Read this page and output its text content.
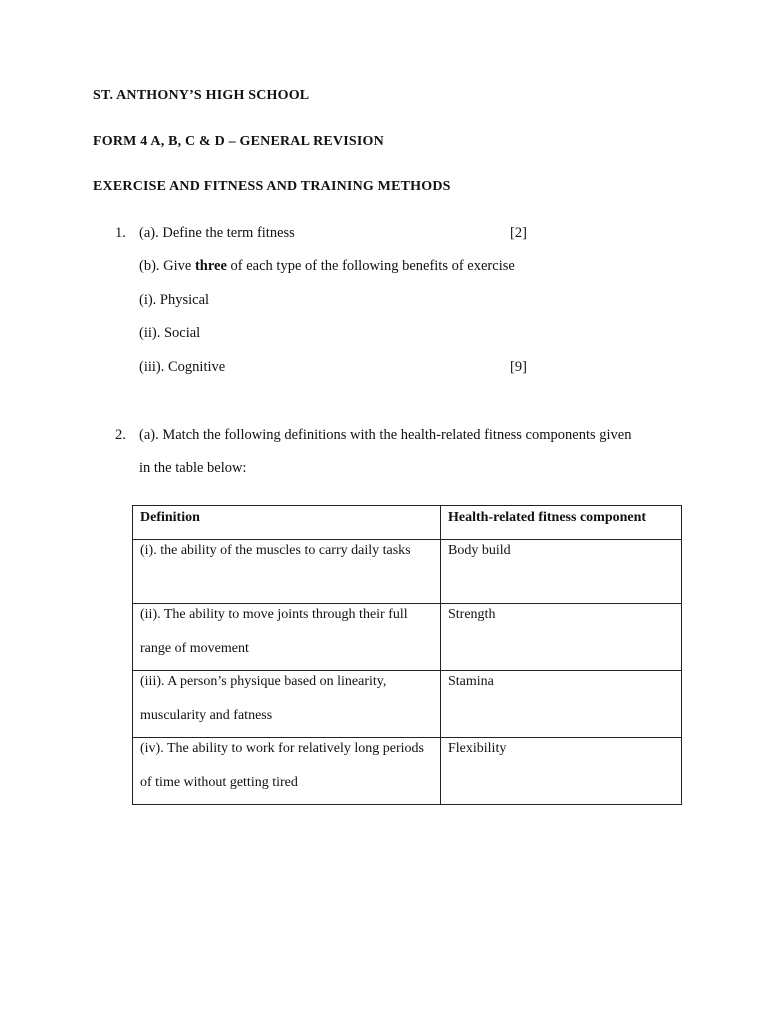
ST. ANTHONY’S HIGH SCHOOL
FORM 4 A, B, C & D – GENERAL REVISION
EXERCISE AND FITNESS AND TRAINING METHODS
1. (a). Define the term fitness	[2]
(b). Give three of each type of the following benefits of exercise
(i). Physical
(ii). Social
(iii). Cognitive	[9]
2. (a). Match the following definitions with the health-related fitness components given
in the table below:
Definition	Health-related fitness component

(i). the ability of the muscles to carry daily tasks	Body build

(ii). The ability to move joints through their full range of movement	Strength

(iii). A person’s physique based on linearity, muscularity and fatness	Stamina

(iv). The ability to work for relatively long periods of time without getting tired	Flexibility
